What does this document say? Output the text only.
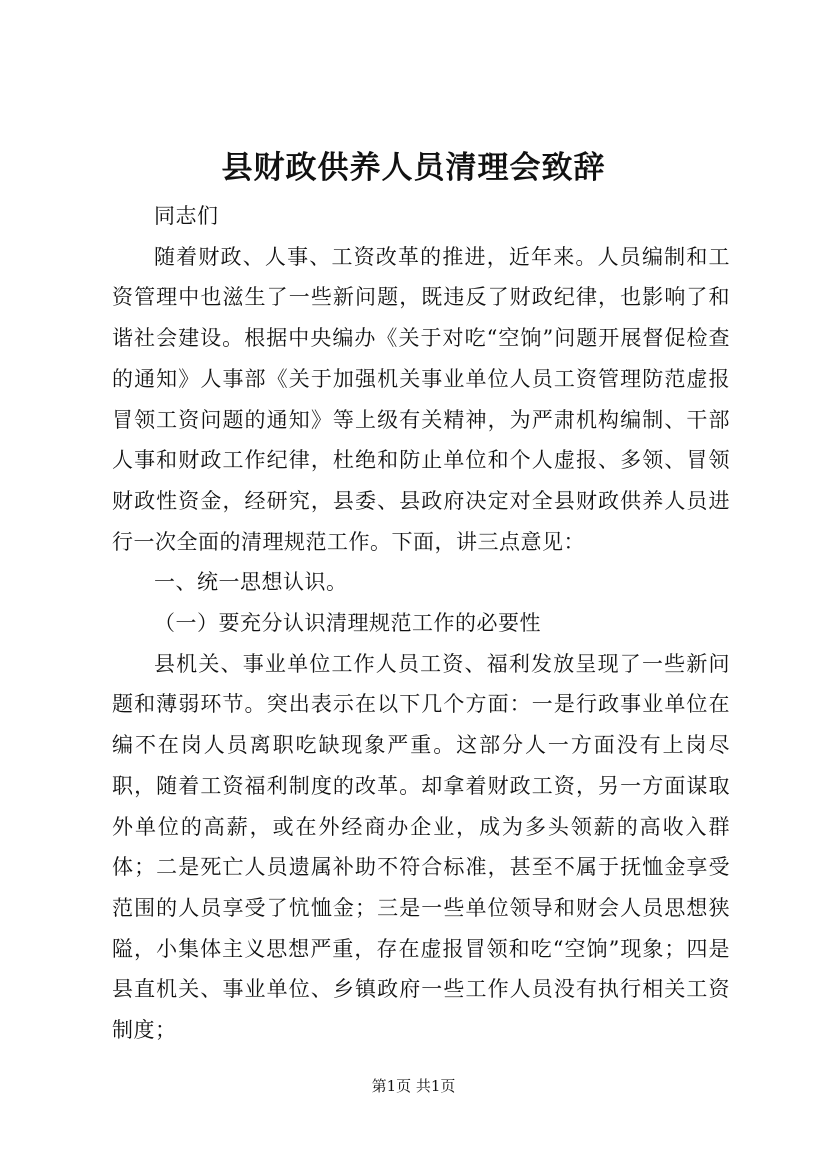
县财政供养人员清理会致辞

同志们

随着财政、人事、工资改革的推进，近年来。人员编制和工资管理中也滋生了一些新问题，既违反了财政纪律，也影响了和谐社会建设。根据中央编办《关于对吃“空饷”问题开展督促检查的通知》人事部《关于加强机关事业单位人员工资管理防范虚报冒领工资问题的通知》等上级有关精神，为严肃机构编制、干部人事和财政工作纪律，杜绝和防止单位和个人虚报、多领、冒领财政性资金，经研究，县委、县政府决定对全县财政供养人员进行一次全面的清理规范工作。下面，讲三点意见：

一、统一思想认识。

（一）要充分认识清理规范工作的必要性

县机关、事业单位工作人员工资、福利发放呈现了一些新问题和薄弱环节。突出表示在以下几个方面：一是行政事业单位在编不在岗人员离职吃缺现象严重。这部分人一方面没有上岗尽职，随着工资福利制度的改革。却拿着财政工资，另一方面谋取外单位的高薪，或在外经商办企业，成为多头领薪的高收入群体；二是死亡人员遗属补助不符合标准，甚至不属于抚恤金享受范围的人员享受了忼恤金；三是一些单位领导和财会人员思想狭隘，小集体主义思想严重，存在虚报冒领和吃“空饷”现象；四是县直机关、事业单位、乡镇政府一些工作人员没有执行相关工资制度；

第1页 共1页
